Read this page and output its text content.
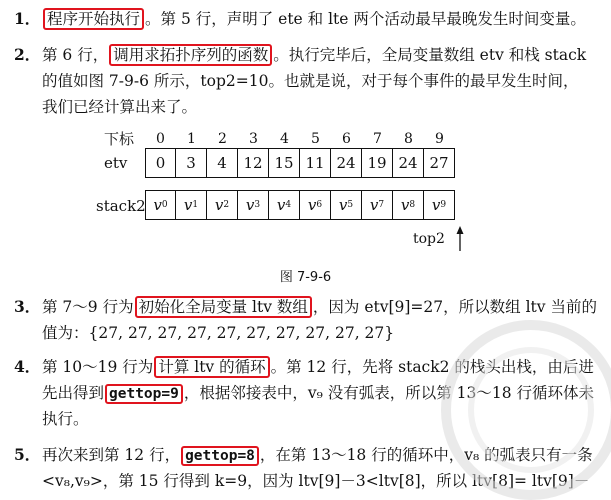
1． 程序开始执行 。第 5 行，声明了 ete 和 lte 两个活动最早最晚发生时间变量。
2． 第 6 行， 调用求拓扑序列的函数 。执行完毕后，全局变量数组 etv 和栈 stack
的值如图 7-9-6 所示，top2=10。也就是说，对于每个事件的最早发生时间，
我们已经计算出来了。
下标	0	1	2	3	4	5	6	7	8	9
etv	0	3	4	12 15 11 24 19 24 27
stack2 v 0 v 1 v 2 v 3 v 4 v 6 v 5 v 7 v 8 v 9
top2
图 7-9-6
3． 第 7～9 行为 初始化全局变量 ltv 数组 ，因为 etv[9]=27，所以数组 ltv 当前的
值为：{27, 27, 27, 27, 27, 27, 27, 27, 27, 27}
4． 第 10～19 行为 计算 ltv 的循环 。第 12 行，先将 stack2 的栈头出栈，由后进
先出得到 gettop=9 ，根据邻接表中，v₉ 没有弧表，所以第 13～18 行循环体未
执行。
5． 再次来到第 12 行， gettop=8 ，在第 13～18 行的循环中，v₈ 的弧表只有一条
<v₈,v₉>，第 15 行得到 k=9，因为 ltv[9]－3<ltv[8]，所以 ltv[8]= ltv[9]－
